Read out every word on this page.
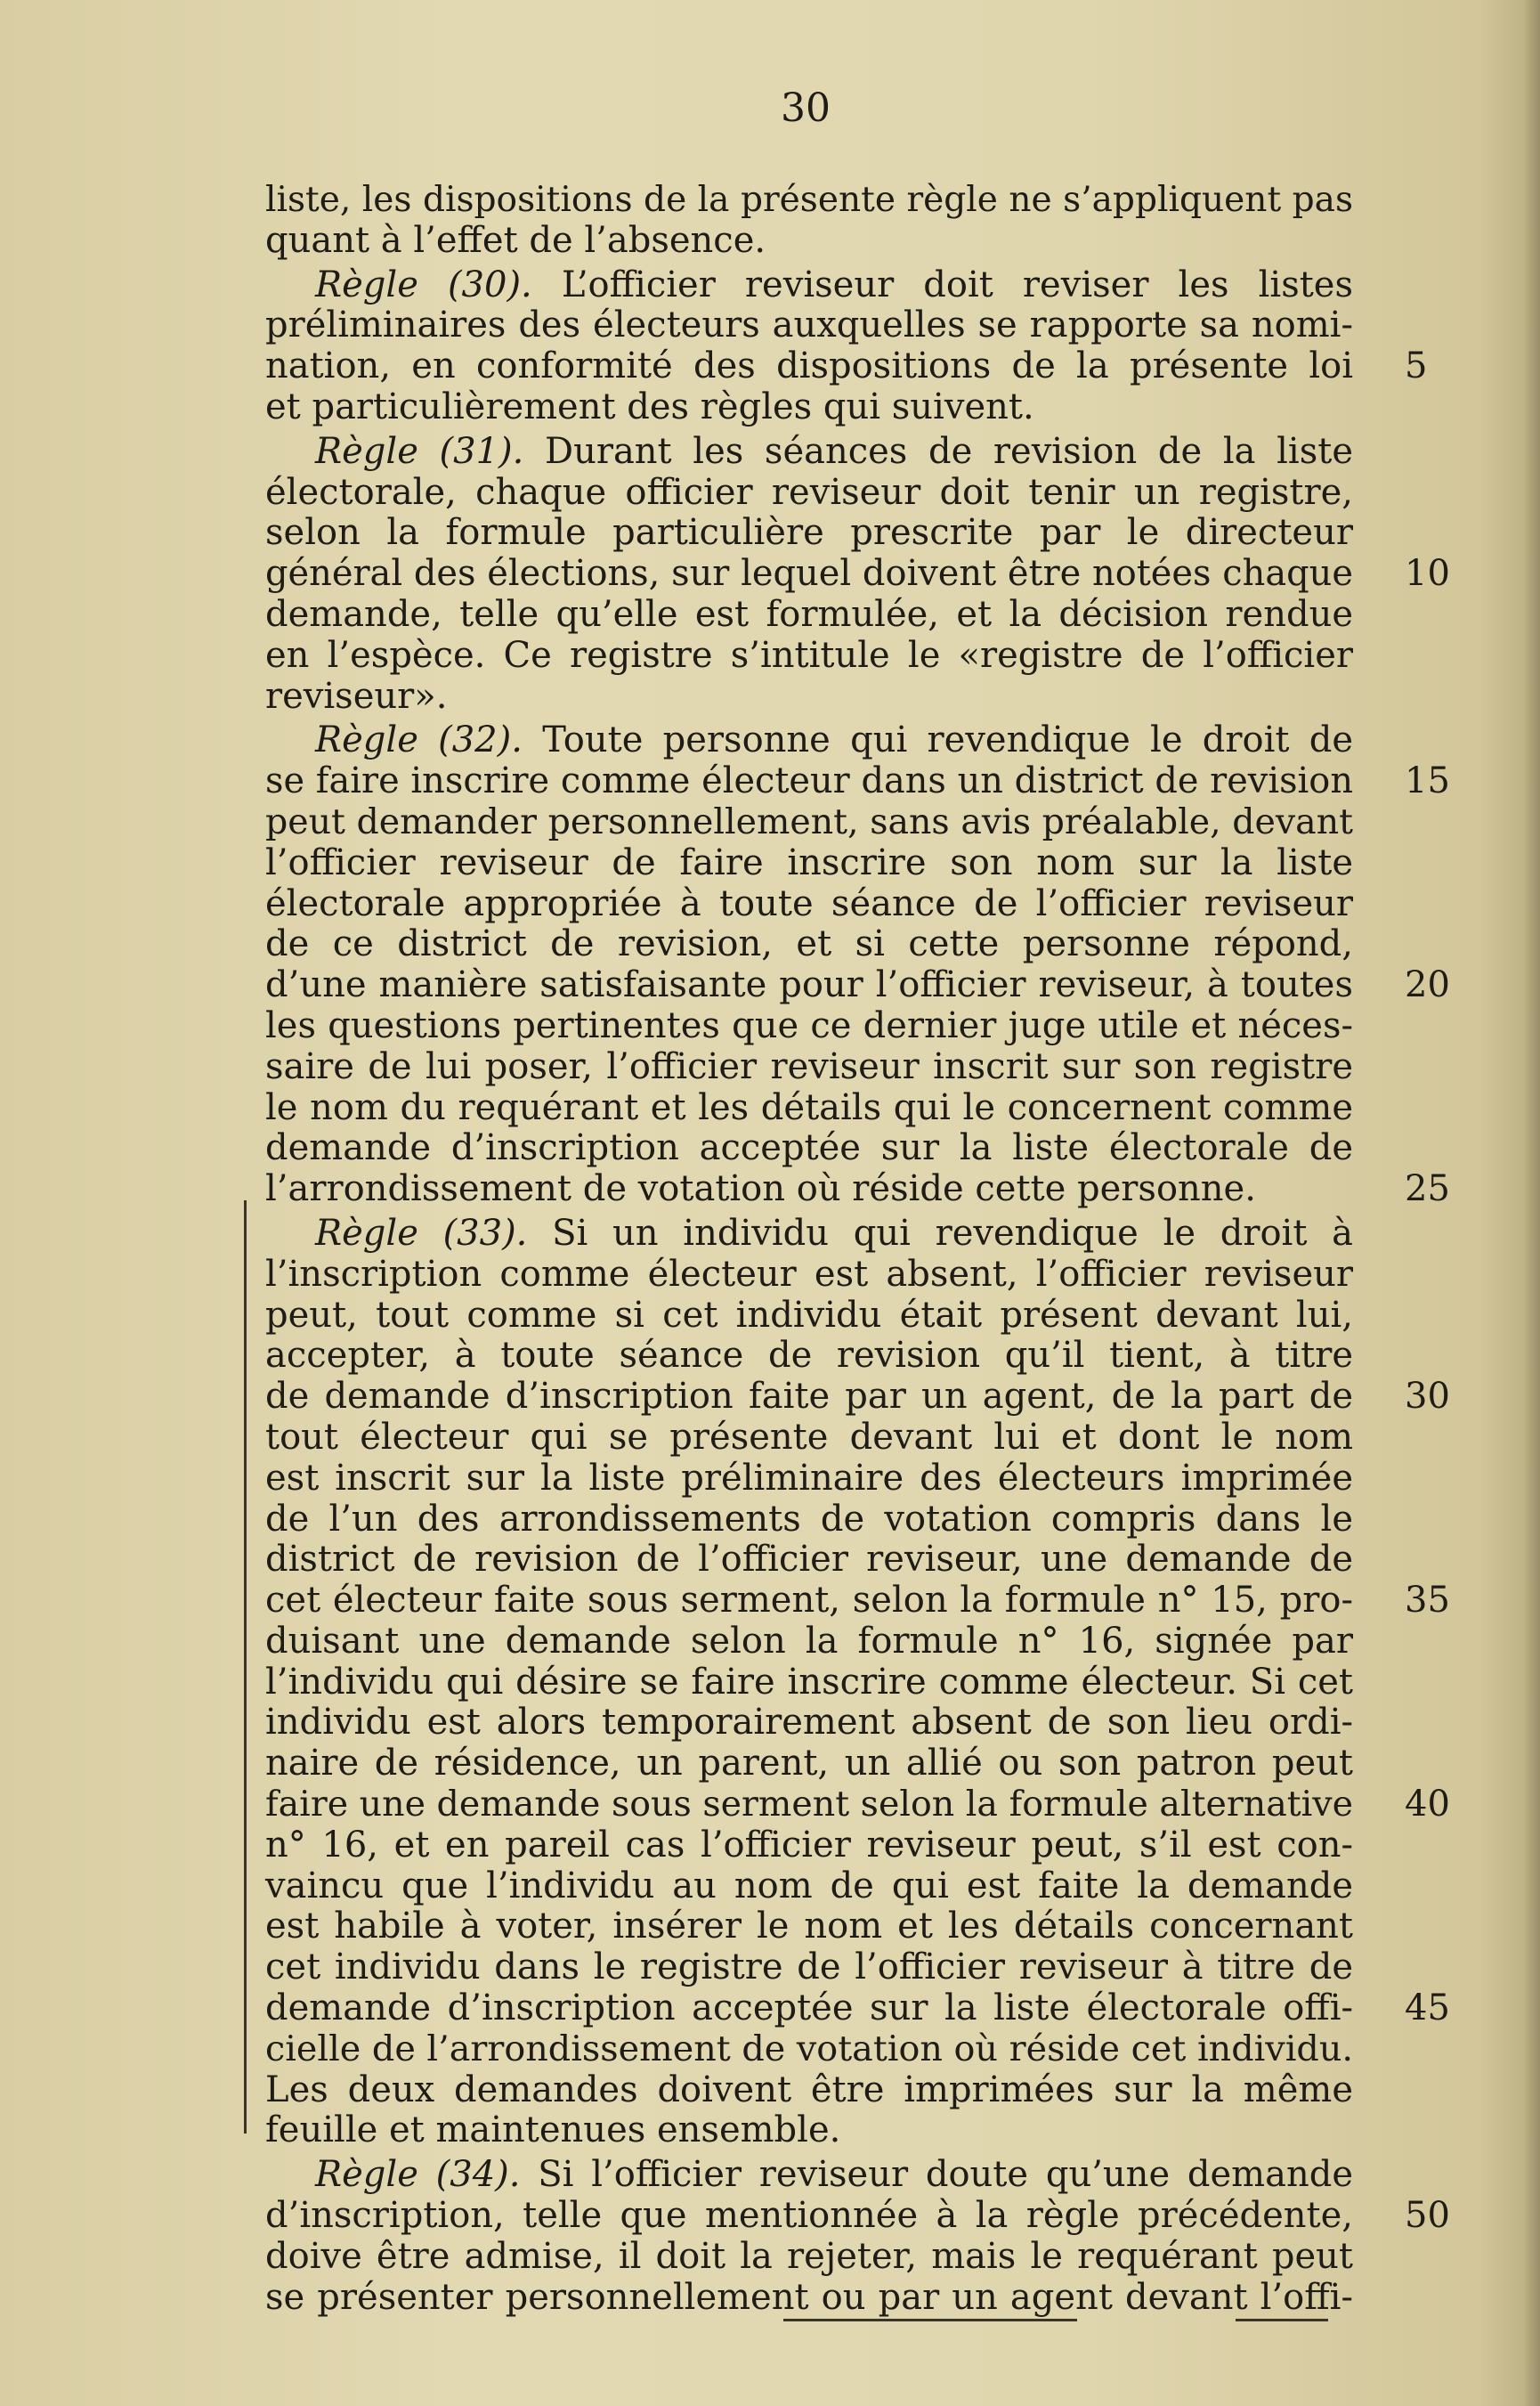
30
liste, les dispositions de la présente règle ne s’appliquent pas
quant à l’effet de l’absence.
Règle (30). L’officier reviseur doit reviser les listes
préliminaires des électeurs auxquelles se rapporte sa nomi-
nation, en conformité des dispositions de la présente loi 5
et particulièrement des règles qui suivent.
Règle (31). Durant les séances de revision de la liste
électorale, chaque officier reviseur doit tenir un registre,
selon la formule particulière prescrite par le directeur
général des élections, sur lequel doivent être notées chaque 10
demande, telle qu’elle est formulée, et la décision rendue
en l’espèce. Ce registre s’intitule le «registre de l’officier
reviseur».
Règle (32). Toute personne qui revendique le droit de
se faire inscrire comme électeur dans un district de revision 15
peut demander personnellement, sans avis préalable, devant
l’officier reviseur de faire inscrire son nom sur la liste
électorale appropriée à toute séance de l’officier reviseur
de ce district de revision, et si cette personne répond,
d’une manière satisfaisante pour l’officier reviseur, à toutes 20
les questions pertinentes que ce dernier juge utile et néces-
saire de lui poser, l’officier reviseur inscrit sur son registre
le nom du requérant et les détails qui le concernent comme
demande d’inscription acceptée sur la liste électorale de
l’arrondissement de votation où réside cette personne.	25
Règle (33). Si un individu qui revendique le droit à
l’inscription comme électeur est absent, l’officier reviseur
peut, tout comme si cet individu était présent devant lui,
accepter, à toute séance de revision qu’il tient, à titre
de demande d’inscription faite par un agent, de la part de 30
tout électeur qui se présente devant lui et dont le nom
est inscrit sur la liste préliminaire des électeurs imprimée
de l’un des arrondissements de votation compris dans le
district de revision de l’officier reviseur, une demande de
cet électeur faite sous serment, selon la formule n° 15, pro- 35
duisant une demande selon la formule n° 16, signée par
l’individu qui désire se faire inscrire comme électeur. Si cet
individu est alors temporairement absent de son lieu ordi-
naire de résidence, un parent, un allié ou son patron peut
faire une demande sous serment selon la formule alternative 40
n° 16, et en pareil cas l’officier reviseur peut, s’il est con-
vaincu que l’individu au nom de qui est faite la demande
est habile à voter, insérer le nom et les détails concernant
cet individu dans le registre de l’officier reviseur à titre de
demande d’inscription acceptée sur la liste électorale offi- 45
cielle de l’arrondissement de votation où réside cet individu.
Les deux demandes doivent être imprimées sur la même
feuille et maintenues ensemble.
Règle (34). Si l’officier reviseur doute qu’une demande
d’inscription, telle que mentionnée à la règle précédente, 50
doive être admise, il doit la rejeter, mais le requérant peut
se présenter personnellement ou par un agent devant l’offi-
